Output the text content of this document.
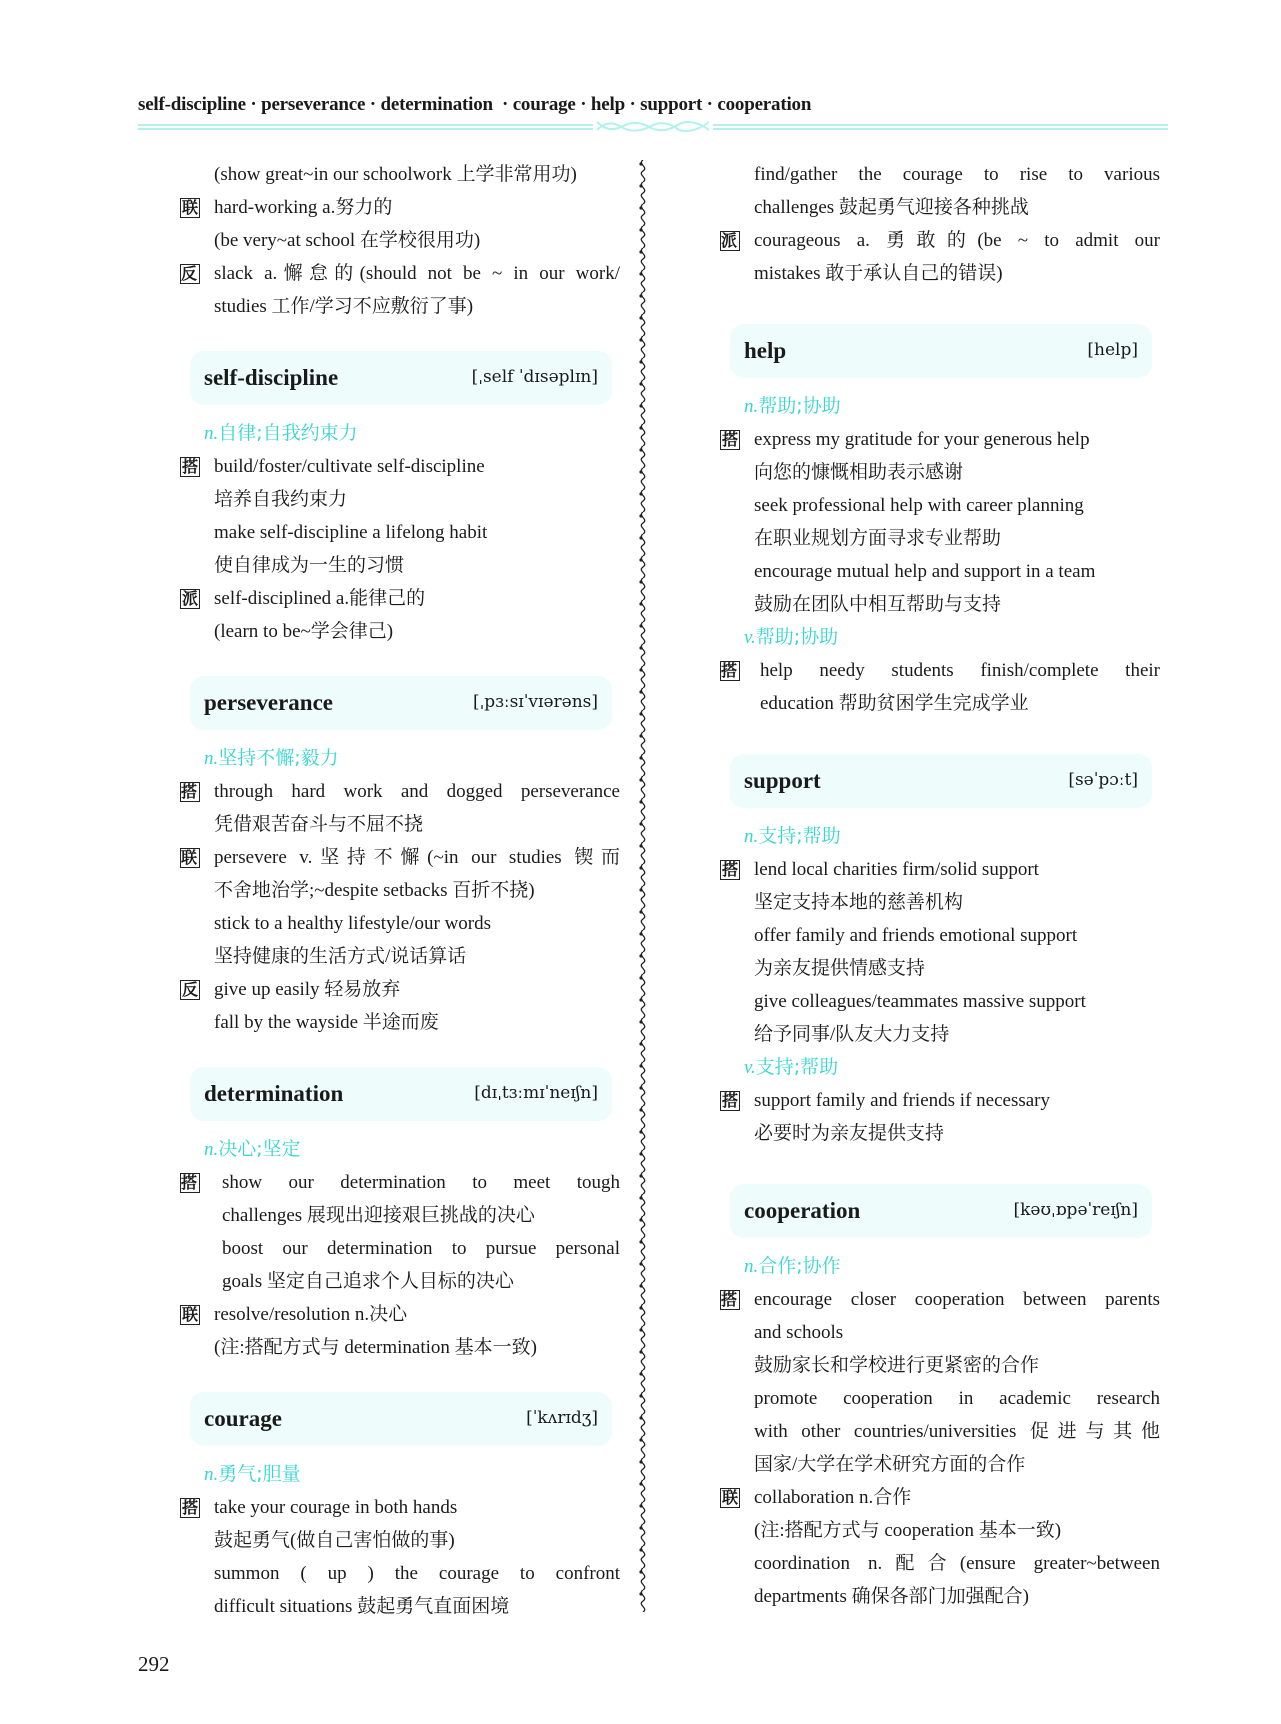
self-discipline · perseverance · determination  · courage · help · support · cooperation
(show great~in our schoolwork 上学非常用功)
联 hard-working a.努力的
(be very~at school 在学校很用功)
反 slack a.懈怠的(should not be ~ in our work/
studies 工作/学习不应敷衍了事)
self-discipline	[ˌself ˈdɪsəplɪn]
n.自律;自我约束力
搭 build/foster/cultivate self-discipline
培养自我约束力
make self-discipline a lifelong habit
使自律成为一生的习惯
派 self-disciplined a.能律己的
(learn to be~学会律己)
perseverance	[ˌpɜːsɪˈvɪərəns]
n.坚持不懈;毅力
搭 through hard work and dogged perseverance
凭借艰苦奋斗与不屈不挠
联 persevere v.坚持不懈(~in our studies 锲而
不舍地治学;~despite setbacks 百折不挠)
stick to a healthy lifestyle/our words
坚持健康的生活方式/说话算话
反 give up easily 轻易放弃
fall by the wayside 半途而废
determination	[dɪˌtɜːmɪˈneɪʃn]
n.决心;坚定
搭 show our determination to meet tough
challenges 展现出迎接艰巨挑战的决心
boost our determination to pursue personal
goals 坚定自己追求个人目标的决心
联 resolve/resolution n.决心
(注:搭配方式与 determination 基本一致)
courage	[ˈkʌrɪdʒ]
n.勇气;胆量
搭 take your courage in both hands
鼓起勇气(做自己害怕做的事)
summon ( up ) the courage to confront
difficult situations 鼓起勇气直面困境
find/gather the courage to rise to various
challenges 鼓起勇气迎接各种挑战
派 courageous a. 勇敢的(be ~ to admit our
mistakes 敢于承认自己的错误)
help	[help]
n.帮助;协助
搭 express my gratitude for your generous help
向您的慷慨相助表示感谢
seek professional help with career planning
在职业规划方面寻求专业帮助
encourage mutual help and support in a team
鼓励在团队中相互帮助与支持
v.帮助;协助
搭 help needy students finish/complete their
education 帮助贫困学生完成学业
support	[səˈpɔːt]
n.支持;帮助
搭 lend local charities firm/solid support
坚定支持本地的慈善机构
offer family and friends emotional support
为亲友提供情感支持
give colleagues/teammates massive support
给予同事/队友大力支持
v.支持;帮助
搭 support family and friends if necessary
必要时为亲友提供支持
cooperation	[kəʊˌɒpəˈreɪʃn]
n.合作;协作
搭 encourage closer cooperation between parents
and schools
鼓励家长和学校进行更紧密的合作
promote cooperation in academic research
with other countries/universities 促进与其他
国家/大学在学术研究方面的合作
联 collaboration n.合作
(注:搭配方式与 cooperation 基本一致)
coordination n.配合(ensure greater~between
departments 确保各部门加强配合)
292
